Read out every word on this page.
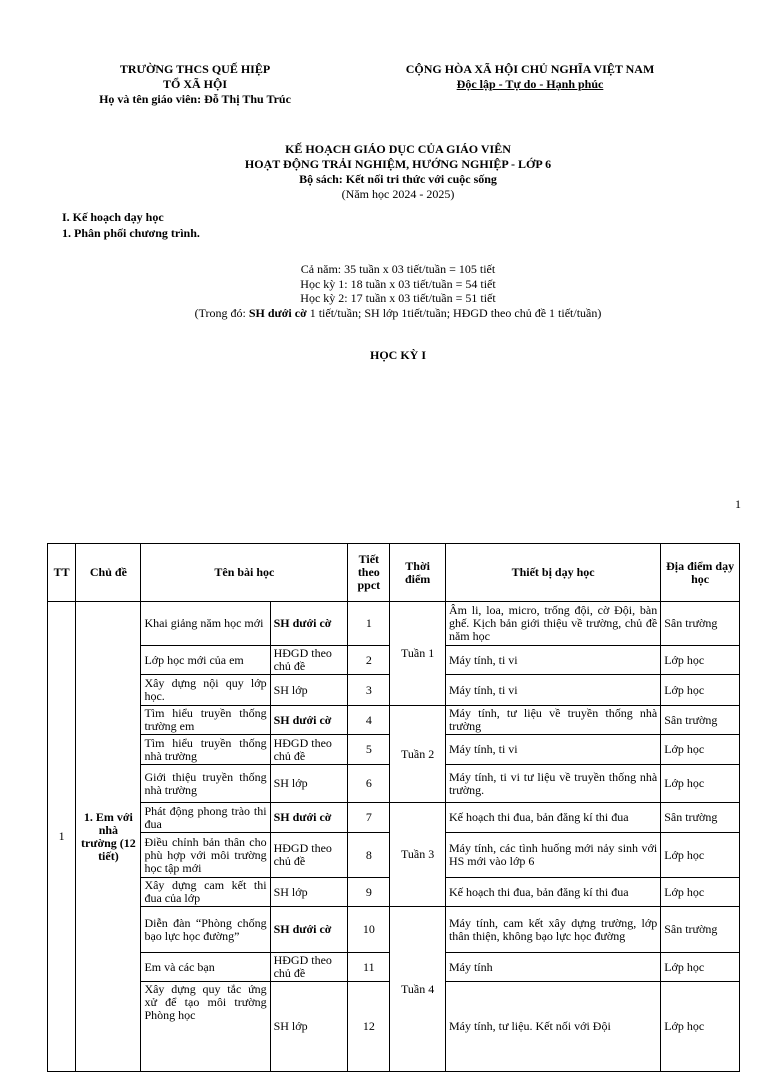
TRƯỜNG THCS QUẾ HIỆP
TỔ XÃ HỘI
Họ và tên giáo viên: Đỗ Thị Thu Trúc
CỘNG HÒA XÃ HỘI CHỦ NGHĨA VIỆT NAM
Độc lập - Tự do - Hạnh phúc
KẾ HOẠCH GIÁO DỤC CỦA GIÁO VIÊN
HOẠT ĐỘNG TRẢI NGHIỆM, HƯỚNG NGHIỆP - LỚP 6
Bộ sách: Kết nối tri thức với cuộc sống
(Năm học 2024 - 2025)
I. Kế hoạch dạy học
1. Phân phối chương trình.
Cả năm: 35 tuần x 03 tiết/tuần = 105 tiết
Học kỳ 1: 18 tuần x 03 tiết/tuần = 54 tiết
Học kỳ 2: 17 tuần x 03 tiết/tuần = 51 tiết
(Trong đó: SH dưới cờ 1 tiết/tuần; SH lớp 1tiết/tuần; HĐGD theo chủ đề 1 tiết/tuần)
HỌC KỲ I
1
TT	Chủ đề	Tên bài học		Tiết theo ppct	Thời điểm	Thiết bị dạy học	Địa điểm dạy học
1	1. Em với nhà trường (12 tiết)	Khai giảng năm học mới	SH dưới cờ	1	Tuần 1	Âm li, loa, micro, trống đội, cờ Đội, bàn ghế. Kịch bản giới thiệu về trường, chủ đề năm học	Sân trường
		Lớp học mới của em	HĐGD theo chủ đề	2		Máy tính, ti vi	Lớp học
		Xây dựng nội quy lớp học.	SH lớp	3		Máy tính, ti vi	Lớp học
		Tìm hiểu truyền thống trường em	SH dưới cờ	4	Tuần 2	Máy tính, tư liệu về truyền thống nhà trường	Sân trường
		Tìm hiểu truyền thống nhà trường	HĐGD theo chủ đề	5		Máy tính, ti vi	Lớp học
		Giới thiệu truyền thống nhà trường	SH lớp	6		Máy tính, ti vi tư liệu về truyền thống nhà trường.	Lớp học
		Phát động phong trào thi đua	SH dưới cờ	7	Tuần 3	Kế hoạch thi đua, bản đăng kí thi đua	Sân trường
		Điều chỉnh bản thân cho phù hợp với môi trường học tập mới	HĐGD theo chủ đề	8		Máy tính, các tình huống mới nảy sinh với HS mới vào lớp 6	Lớp học
		Xây dựng cam kết thi đua của lớp	SH lớp	9		Kế hoạch thi đua, bản đăng kí thi đua	Lớp học
		Diễn đàn “Phòng chống bạo lực học đường”	SH dưới cờ	10	Tuần 4	Máy tính, cam kết xây dựng trường, lớp thân thiện, không bạo lực học đường	Sân trường
		Em và các bạn	HĐGD theo chủ đề	11		Máy tính	Lớp học
		Xây dựng quy tắc ứng xử để tạo môi trường Phòng học	SH lớp	12		Máy tính, tư liệu. Kết nối với Đội	Lớp học
